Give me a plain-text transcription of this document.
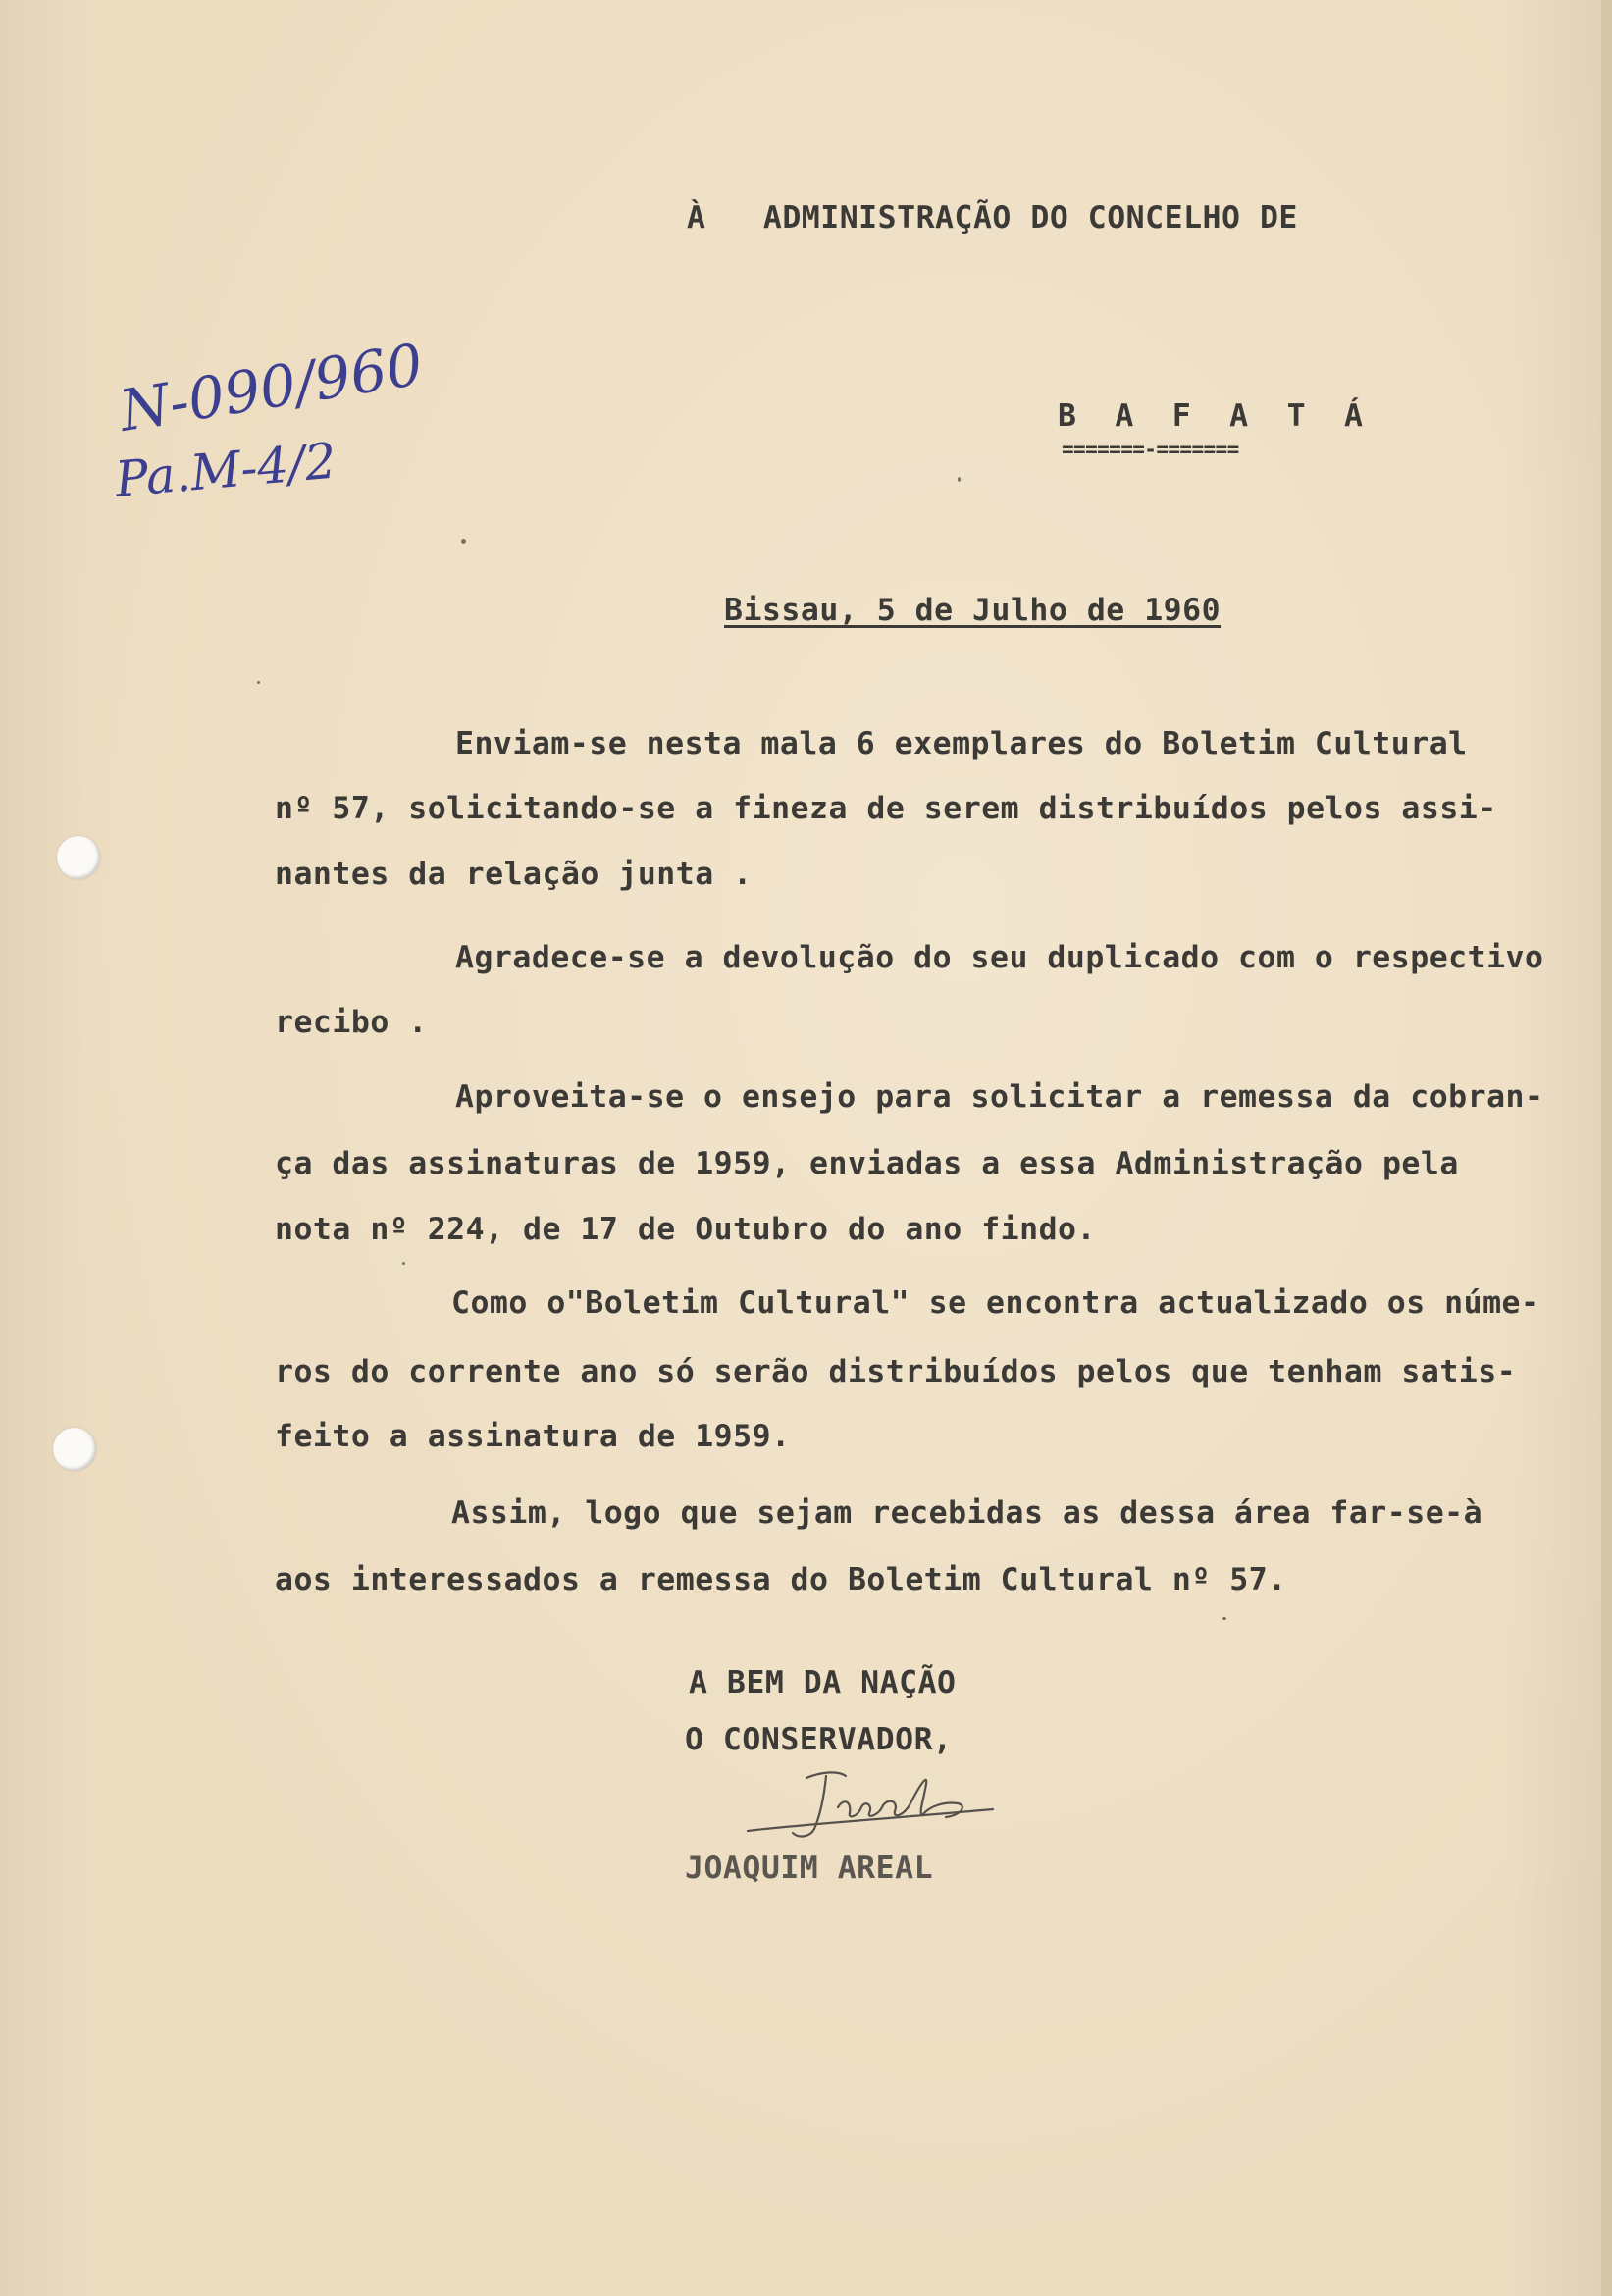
À   ADMINISTRAÇÃO DO CONCELHO DE
B  A  F  A  T  Á
=======-=======
N-090/960
Pa.M-4/2
Bissau, 5 de Julho de 1960
Enviam-se nesta mala 6 exemplares do Boletim Cultural
nº 57, solicitando-se a fineza de serem distribuídos pelos assi-
nantes da relação junta .
Agradece-se a devolução do seu duplicado com o respectivo
recibo .
Aproveita-se o ensejo para solicitar a remessa da cobran-
ça das assinaturas de 1959, enviadas a essa Administração pela
nota nº 224, de 17 de Outubro do ano findo.
Como o"Boletim Cultural" se encontra actualizado os núme-
ros do corrente ano só serão distribuídos pelos que tenham satis-
feito a assinatura de 1959.
Assim, logo que sejam recebidas as dessa área far-se-à
aos interessados a remessa do Boletim Cultural nº 57.
A BEM DA NAÇÃO
O CONSERVADOR,
JOAQUIM AREAL
